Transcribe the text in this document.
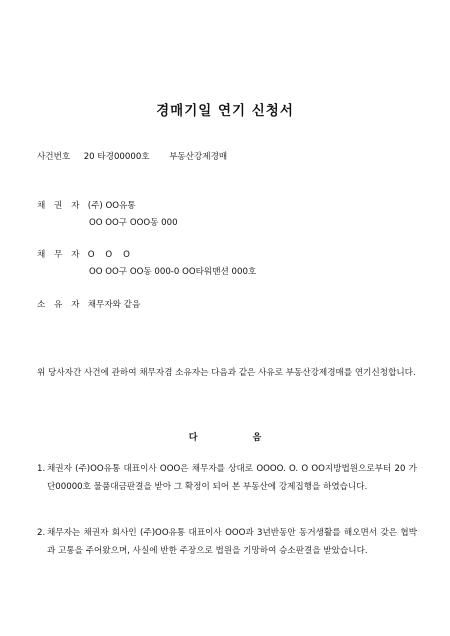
경매기일 연기 신청서
사건번호 20 타경00000호 부동산강제경매
채 권 자 (주) OO유통
OO OO구 OOO동 000
채 무 자 O    O    O
OO OO구 OO동 000-0 OO타워맨션 000호
소 유 자 채무자와 같음
위 당사자간 사건에 관하여 채무자겸 소유자는 다음과 같은 사유로 부동산강제경매를 연기신청합니다.
다	음
1. 채권자 (주)OO유통 대표이사 OOO은 채무자를 상대로 OOOO. O. O OO지방법원으로부터 20 가단00000호 물품대금판결을 받아 그 확정이 되어 본 부동산에 강제집행을 하였습니다.
2. 채무자는 채권자 회사인 (주)OO유통 대표이사 OOO과 3년반동안 동거생활를 해오면서 갖은 협박과 고통을 주어왔으며, 사실에 반한 주장으로 법원을 기망하여 승소판결을 받았습니다.
